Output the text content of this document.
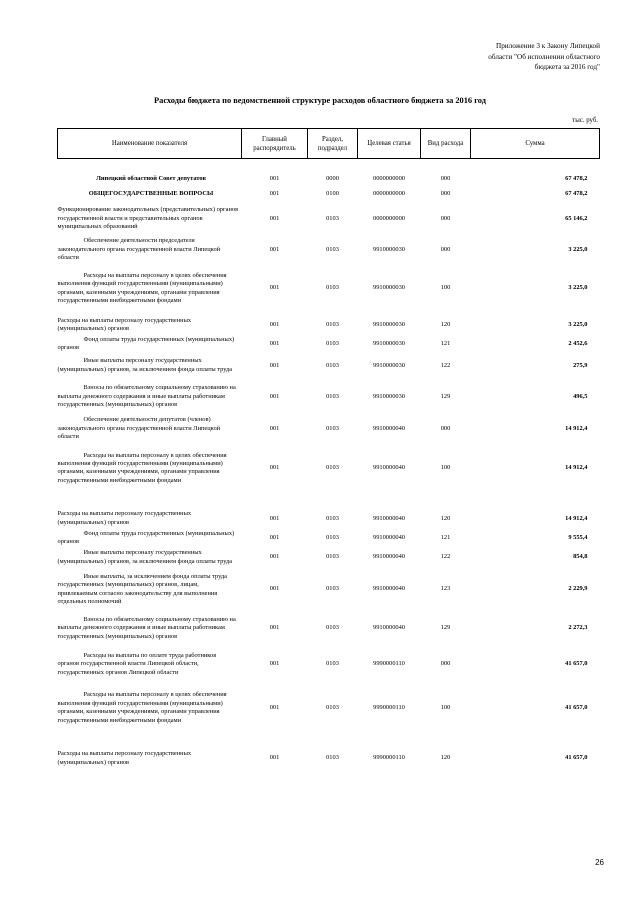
Приложение 3 к Закону Липецкой
области "Об исполнении областного
бюджета за 2016 год"
Расходы бюджета по ведомственной структуре расходов областного бюджета за 2016 год
тыс. руб.
Наименование показателя	Главный распорядитель	Раздел, подраздел	Целевая статья	Вид расхода	Сумма

Липецкий областной Совет депутатов	001	0000	0000000000	000	67 478,2
ОБЩЕГОСУДАРСТВЕННЫЕ ВОПРОСЫ	001	0100	0000000000	000	67 478,2
Функционирование законодательных (представительных) органов государственной власти и представительных органов муниципальных образований	001	0103	0000000000	000	65 146,2
Обеспечение деятельности председателя законодательного органа государственной власти Липецкой области	001	0103	9910000030	000	3 225,0
Расходы на выплаты персоналу в целях обеспечения выполнения функций государственными (муниципальными) органами, казенными учреждениями, органами управления государственными внебюджетными фондами	001	0103	9910000030	100	3 225,0
Расходы на выплаты персоналу государственных (муниципальных) органов	001	0103	9910000030	120	3 225,0
Фонд оплаты труда государственных (муниципальных) органов	001	0103	9910000030	121	2 452,6
Иные выплаты персоналу государственных (муниципальных) органов, за исключением фонда оплаты труда	001	0103	9910000030	122	275,9
Взносы по обязательному социальному страхованию на выплаты денежного содержания и иные выплаты работникам государственных (муниципальных) органов	001	0103	9910000030	129	496,5
Обеспечение деятельности депутатов (членов) законодательного органа государственной власти Липецкой области	001	0103	9910000040	000	14 912,4
Расходы на выплаты персоналу в целях обеспечения выполнения функций государственными (муниципальными) органами, казенными учреждениями, органами управления государственными внебюджетными фондами	001	0103	9910000040	100	14 912,4

Расходы на выплаты персоналу государственных (муниципальных) органов	001	0103	9910000040	120	14 912,4
Фонд оплаты труда государственных (муниципальных) органов	001	0103	9910000040	121	9 555,4
Иные выплаты персоналу государственных (муниципальных) органов, за исключением фонда оплаты труда	001	0103	9910000040	122	854,8
Иные выплаты, за исключением фонда оплаты труда государственных (муниципальных) органов, лицам, привлекаемым согласно законодательству для выполнения отдельных полномочий	001	0103	9910000040	123	2 229,9
Взносы по обязательному социальному страхованию на выплаты денежного содержания и иные выплаты работникам государственных (муниципальных) органов	001	0103	9910000040	129	2 272,3
Расходы на выплаты по оплате труда работников органов государственной власти Липецкой области, государственных органов Липецкой области	001	0103	9990000110	000	41 657,0
Расходы на выплаты персоналу в целях обеспечения выполнения функций государственными (муниципальными) органами, казенными учреждениями, органами управления государственными внебюджетными фондами	001	0103	9990000110	100	41 657,0

Расходы на выплаты персоналу государственных (муниципальных) органов	001	0103	9990000110	120	41 657,0
26
